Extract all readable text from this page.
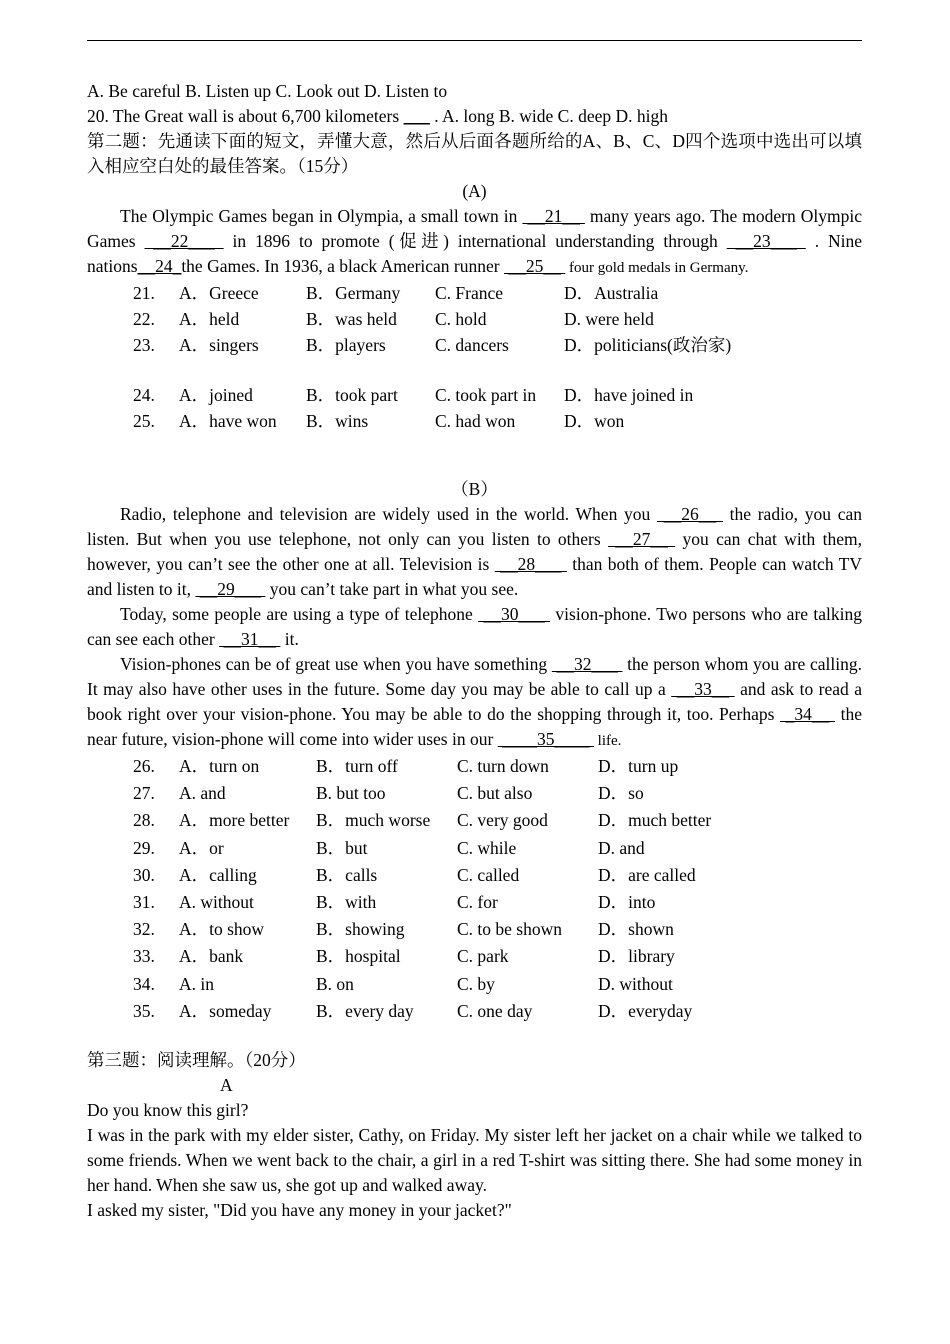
A. Be careful B. Listen up C. Look out D. Listen to

20. The Great wall is about 6,700 kilometers ___ . A. long B. wide C. deep D. high

第二题：先通读下面的短文，弄懂大意，然后从后面各题所给的A、B、C、D四个选项中选出可以填入相应空白处的最佳答案。（15分）

(A)

The Olympic Games began in Olympia, a small town in  __21__  many years ago. The modern Olympic Games  __22___  in 1896 to promote (促进) international understanding through  __23___  . Nine nations__24_the Games. In 1936, a black American runner  __25__  four gold medals in Germany.

21.	A．Greece	B．Germany	C. France	D．Australia
22.	A．held	B．was held	C. hold	D. were held
23.	A．singers	B．players	C. dancers	D．politicians(政治家)
24.	A．joined	B．took part	C. took part in	D．have joined in
25.	A．have won	B．wins	C. had won	D．won

（B）

Radio, telephone and television are widely used in the world. When you  __26__  the radio, you can listen. But when you use telephone, not only can you listen to others  __27__  you can chat with them, however, you can’t see the other one at all. Television is  __28___  than both of them. People can watch TV and listen to it,  __29___  you can’t take part in what you see.

Today, some people are using a type of telephone  __30___  vision-phone. Two persons who are talking can see each other  __31__  it.

Vision-phones can be of great use when you have something  __32___  the person whom you are calling. It may also have other uses in the future. Some day you may be able to call up a  __33__  and ask to read a book right over your vision-phone. You may be able to do the shopping through it, too. Perhaps  _34__  the near future, vision-phone will come into wider uses in our  ____35____  life.

26.	A．turn on	B．turn off	C. turn down	D．turn up
27.	A. and	B. but too	C. but also	D．so
28.	A．more better	B．much worse	C. very good	D．much better
29.	A．or	B．but	C. while	D. and
30.	A．calling	B．calls	C. called	D．are called
31.	A. without	B．with	C. for	D．into
32.	A．to show	B．showing	C. to be shown	D．shown
33.	A．bank	B．hospital	C. park	D．library
34.	A. in	B. on	C. by	D. without
35.	A．someday	B．every day	C. one day	D．everyday

第三题：阅读理解。（20分）

A

Do you know this girl?

I was in the park with my elder sister, Cathy, on Friday. My sister left her jacket on a chair while we talked to some friends. When we went back to the chair, a girl in a red T-shirt was sitting there. She had some money in her hand. When she saw us, she got up and walked away.

I asked my sister, "Did you have any money in your jacket?"
